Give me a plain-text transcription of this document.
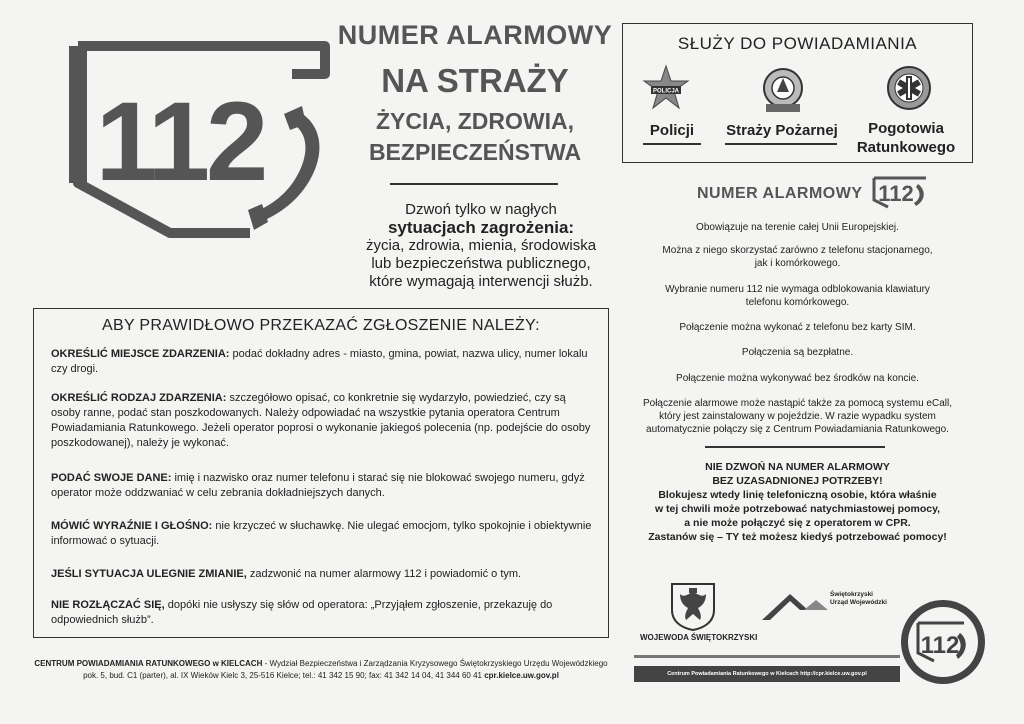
112
NUMER ALARMOWY
NA STRAŻY
ŻYCIA, ZDROWIA,
BEZPIECZEŃSTWA
Dzwoń tylko w nagłych
sytuacjach zagrożenia:
życia, zdrowia, mienia, środowiska
lub bezpieczeństwa publicznego,
które wymagają interwencji służb.
SŁUŻY DO POWIADAMIANIA
POLICJA
Policji	Straży Pożarnej	Pogotowia
Ratunkowego
NUMER ALARMOWY 112
Obowiązuje na terenie całej Unii Europejskiej.
Można z niego skorzystać zarówno z telefonu stacjonarnego,
jak i komórkowego.
Wybranie numeru 112 nie wymaga odblokowania klawiatury
telefonu komórkowego.
Połączenie można wykonać z telefonu bez karty SIM.
Połączenia są bezpłatne.
Połączenie można wykonywać bez środków na koncie.
Połączenie alarmowe może nastąpić także za pomocą systemu eCall,
który jest zainstalowany w pojeździe. W razie wypadku system
automatycznie połączy się z Centrum Powiadamiania Ratunkowego.
NIE DZWOŃ NA NUMER ALARMOWY
BEZ UZASADNIONEJ POTRZEBY!
Blokujesz wtedy linię telefoniczną osobie, która właśnie
w tej chwili może potrzebować natychmiastowej pomocy,
a nie może połączyć się z operatorem w CPR.
Zastanów się – TY też możesz kiedyś potrzebować pomocy!
ABY PRAWIDŁOWO PRZEKAZAĆ ZGŁOSZENIE NALEŻY:
OKREŚLIĆ MIEJSCE ZDARZENIA: podać dokładny adres - miasto, gmina, powiat, nazwa ulicy, numer lokalu czy drogi.
OKREŚLIĆ RODZAJ ZDARZENIA: szczegółowo opisać, co konkretnie się wydarzyło, powiedzieć, czy są osoby ranne, podać stan poszkodowanych. Należy odpowiadać na wszystkie pytania operatora Centrum Powiadamiania Ratunkowego. Jeżeli operator poprosi o wykonanie jakiegoś polecenia (np. podejście do osoby poszkodowanej), należy je wykonać.
PODAĆ SWOJE DANE: imię i nazwisko oraz numer telefonu i starać się nie blokować swojego numeru, gdyż operator może oddzwaniać w celu zebrania dokładniejszych danych.
MÓWIĆ WYRAŹNIE I GŁOŚNO: nie krzyczeć w słuchawkę. Nie ulegać emocjom, tylko spokojnie i obiektywnie informować o sytuacji.
JEŚLI SYTUACJA ULEGNIE ZMIANIE, zadzwonić na numer alarmowy 112 i powiadomić o tym.
NIE ROZŁĄCZAĆ SIĘ, dopóki nie usłyszy się słów od operatora: „Przyjąłem zgłoszenie, przekazuję do odpowiednich służb”.
CENTRUM POWIADAMIANIA RATUNKOWEGO w KIELCACH - Wydział Bezpieczeństwa i Zarządzania Kryzysowego Świętokrzyskiego Urzędu Wojewódzkiego
pok. 5, bud. C1 (parter), al. IX Wieków Kielc 3, 25-516 Kielce; tel.: 41 342 15 90; fax: 41 342 14 04, 41 344 60 41 cpr.kielce.uw.gov.pl
WOJEWODA ŚWIĘTOKRZYSKI
Świętokrzyski
Urząd Wojewódzki
Centrum Powiadamiania Ratunkowego w Kielcach http://cpr.kielce.uw.gov.pl
112
